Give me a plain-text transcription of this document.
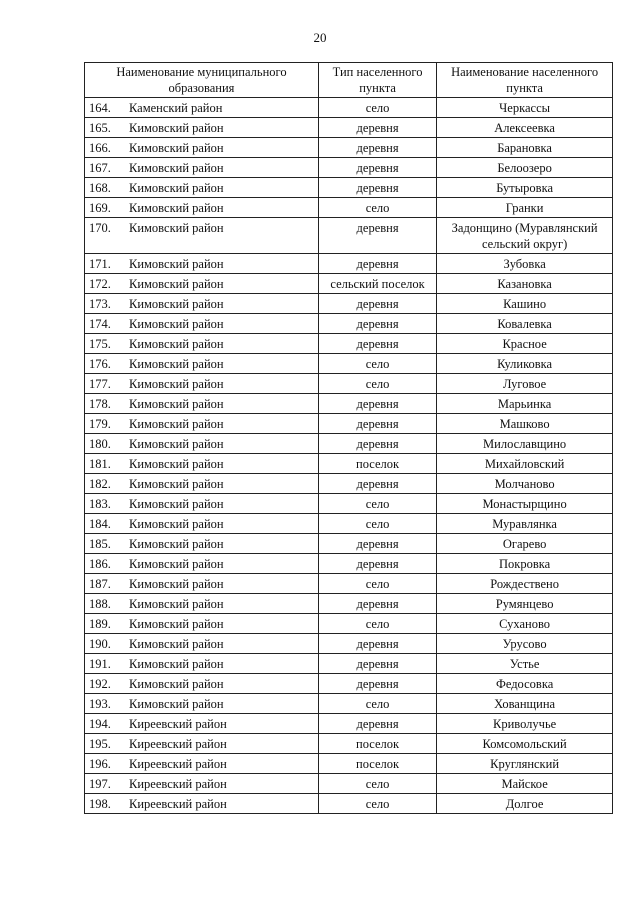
20
Наименование муниципального образования	Тип населенного пункта	Наименование населенного пункта
164. Каменский район	село	Черкассы
165. Кимовский район	деревня	Алексеевка
166. Кимовский район	деревня	Барановка
167. Кимовский район	деревня	Белоозеро
168. Кимовский район	деревня	Бутыровка
169. Кимовский район	село	Гранки
170. Кимовский район	деревня	Задонщино (Муравлянский сельский округ)
171. Кимовский район	деревня	Зубовка
172. Кимовский район	сельский поселок	Казановка
173. Кимовский район	деревня	Кашино
174. Кимовский район	деревня	Ковалевка
175. Кимовский район	деревня	Красное
176. Кимовский район	село	Куликовка
177. Кимовский район	село	Луговое
178. Кимовский район	деревня	Марьинка
179. Кимовский район	деревня	Машково
180. Кимовский район	деревня	Милославщино
181. Кимовский район	поселок	Михайловский
182. Кимовский район	деревня	Молчаново
183. Кимовский район	село	Монастырщино
184. Кимовский район	село	Муравлянка
185. Кимовский район	деревня	Огарево
186. Кимовский район	деревня	Покровка
187. Кимовский район	село	Рождествено
188. Кимовский район	деревня	Румянцево
189. Кимовский район	село	Суханово
190. Кимовский район	деревня	Урусово
191. Кимовский район	деревня	Устье
192. Кимовский район	деревня	Федосовка
193. Кимовский район	село	Хованщина
194. Киреевский район	деревня	Криволучье
195. Киреевский район	поселок	Комсомольский
196. Киреевский район	поселок	Круглянский
197. Киреевский район	село	Майское
198. Киреевский район	село	Долгое
